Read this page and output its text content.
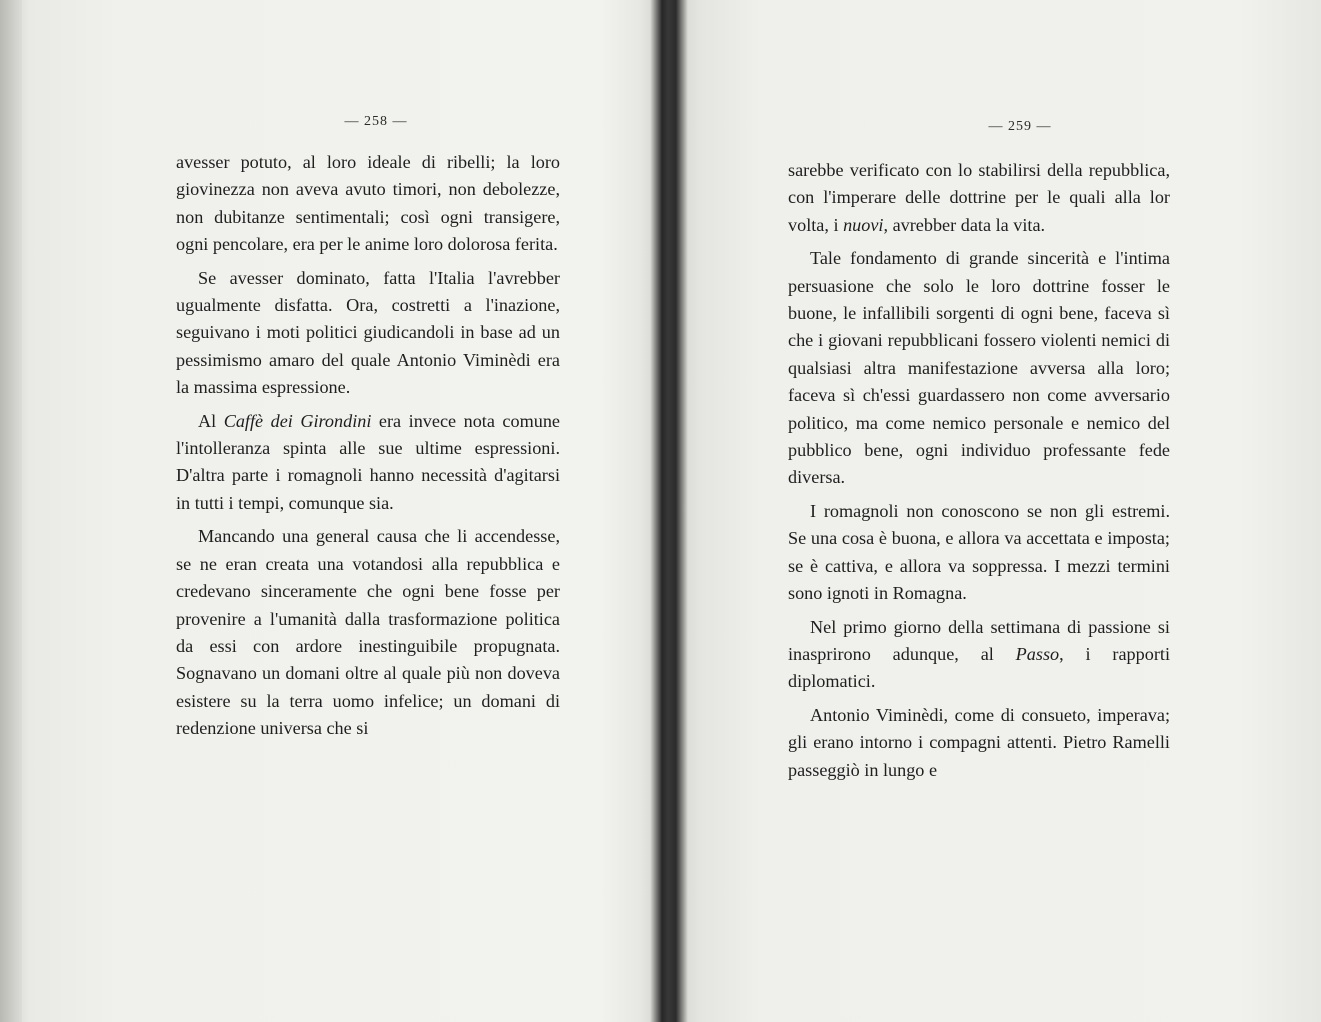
— 258 —

avesser potuto, al loro ideale di ribelli; la loro giovinezza non aveva avuto timori, non debolezze, non dubitanze sentimentali; così ogni transigere, ogni pencolare, era per le anime loro dolorosa ferita.

Se avesser dominato, fatta l'Italia l'avrebber ugualmente disfatta. Ora, costretti a l'inazione, seguivano i moti politici giudicandoli in base ad un pessimismo amaro del quale Antonio Viminèdi era la massima espressione.

Al Caffè dei Girondini era invece nota comune l'intolleranza spinta alle sue ultime espressioni. D'altra parte i romagnoli hanno necessità d'agitarsi in tutti i tempi, comunque sia.

Mancando una general causa che li accendesse, se ne eran creata una votandosi alla repubblica e credevano sinceramente che ogni bene fosse per provenire a l'umanità dalla trasformazione politica da essi con ardore inestinguibile propugnata. Sognavano un domani oltre al quale più non doveva esistere su la terra uomo infelice; un domani di redenzione universa che si

— 259 —

sarebbe verificato con lo stabilirsi della repubblica, con l'imperare delle dottrine per le quali alla lor volta, i nuovi, avrebber data la vita.

Tale fondamento di grande sincerità e l'intima persuasione che solo le loro dottrine fosser le buone, le infallibili sorgenti di ogni bene, faceva sì che i giovani repubblicani fossero violenti nemici di qualsiasi altra manifestazione avversa alla loro; faceva sì ch'essi guardassero non come avversario politico, ma come nemico personale e nemico del pubblico bene, ogni individuo professante fede diversa.

I romagnoli non conoscono se non gli estremi. Se una cosa è buona, e allora va accettata e imposta; se è cattiva, e allora va soppressa. I mezzi termini sono ignoti in Romagna.

Nel primo giorno della settimana di passione si inasprirono adunque, al Passo, i rapporti diplomatici.

Antonio Viminèdi, come di consueto, imperava; gli erano intorno i compagni attenti. Pietro Ramelli passeggiò in lungo e
